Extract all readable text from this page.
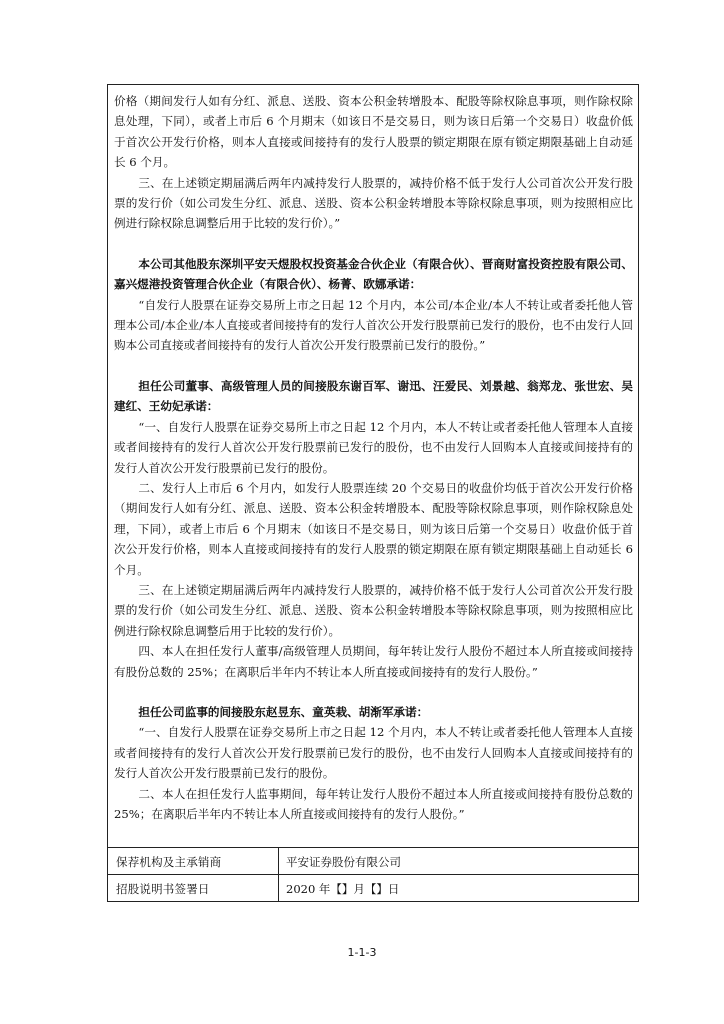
价格（期间发行人如有分红、派息、送股、资本公积金转增股本、配股等除权除息事项，则作除权除息处理，下同），或者上市后 6 个月期末（如该日不是交易日，则为该日后第一个交易日）收盘价低于首次公开发行价格，则本人直接或间接持有的发行人股票的锁定期限在原有锁定期限基础上自动延长 6 个月。

三、在上述锁定期届满后两年内减持发行人股票的，减持价格不低于发行人公司首次公开发行股票的发行价（如公司发生分红、派息、送股、资本公积金转增股本等除权除息事项，则为按照相应比例进行除权除息调整后用于比较的发行价）。”

本公司其他股东深圳平安天煜股权投资基金合伙企业（有限合伙）、晋商财富投资控股有限公司、嘉兴煜港投资管理合伙企业（有限合伙）、杨菁、欧娜承诺：

“自发行人股票在证券交易所上市之日起 12 个月内，本公司/本企业/本人不转让或者委托他人管理本公司/本企业/本人直接或者间接持有的发行人首次公开发行股票前已发行的股份，也不由发行人回购本公司直接或者间接持有的发行人首次公开发行股票前已发行的股份。”

担任公司董事、高级管理人员的间接股东谢百军、谢迅、汪爱民、刘景越、翁郑龙、张世宏、吴建红、王幼妃承诺：

“一、自发行人股票在证券交易所上市之日起 12 个月内，本人不转让或者委托他人管理本人直接或者间接持有的发行人首次公开发行股票前已发行的股份，也不由发行人回购本人直接或间接持有的发行人首次公开发行股票前已发行的股份。

二、发行人上市后 6 个月内，如发行人股票连续 20 个交易日的收盘价均低于首次公开发行价格（期间发行人如有分红、派息、送股、资本公积金转增股本、配股等除权除息事项，则作除权除息处理，下同），或者上市后 6 个月期末（如该日不是交易日，则为该日后第一个交易日）收盘价低于首次公开发行价格，则本人直接或间接持有的发行人股票的锁定期限在原有锁定期限基础上自动延长 6 个月。

三、在上述锁定期届满后两年内减持发行人股票的，减持价格不低于发行人公司首次公开发行股票的发行价（如公司发生分红、派息、送股、资本公积金转增股本等除权除息事项，则为按照相应比例进行除权除息调整后用于比较的发行价）。

四、本人在担任发行人董事/高级管理人员期间，每年转让发行人股份不超过本人所直接或间接持有股份总数的 25%；在离职后半年内不转让本人所直接或间接持有的发行人股份。”

担任公司监事的间接股东赵昱东、童英栽、胡渐军承诺：

“一、自发行人股票在证券交易所上市之日起 12 个月内，本人不转让或者委托他人管理本人直接或者间接持有的发行人首次公开发行股票前已发行的股份，也不由发行人回购本人直接或间接持有的发行人首次公开发行股票前已发行的股份。

二、本人在担任发行人监事期间，每年转让发行人股份不超过本人所直接或间接持有股份总数的 25%；在离职后半年内不转让本人所直接或间接持有的发行人股份。”

保荐机构及主承销商	平安证券股份有限公司
招股说明书签署日	2020 年【】月【】日
1-1-3
